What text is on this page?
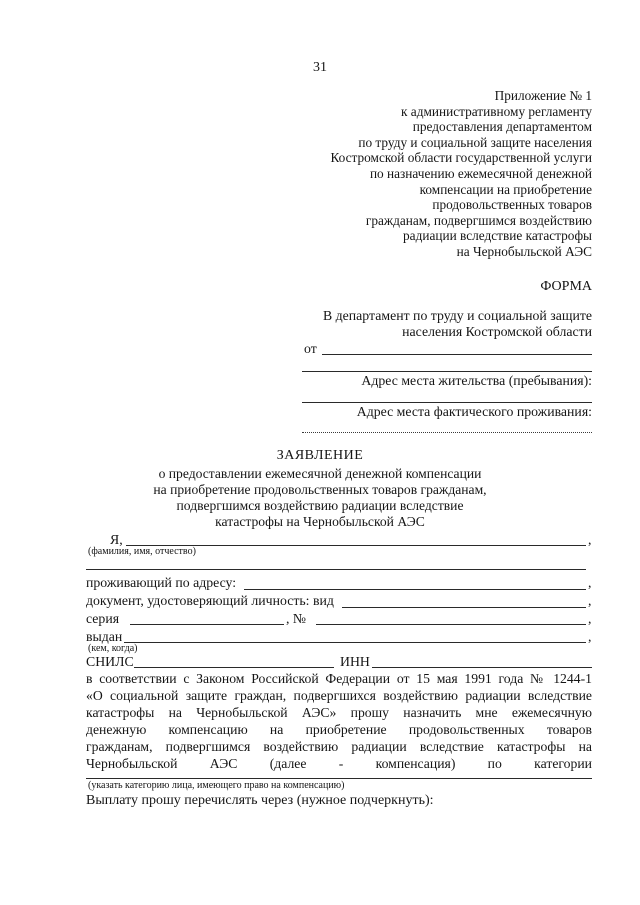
31
Приложение № 1
к административному регламенту
предоставления департаментом
по труду и социальной защите населения
Костромской области государственной услуги
по назначению ежемесячной денежной
компенсации на приобретение
продовольственных товаров
гражданам, подвергшимся воздействию
радиации вследствие катастрофы
на Чернобыльской АЭС
ФОРМА
В департамент по труду и социальной защите
населения Костромской области
от
Адрес места жительства (пребывания):
Адрес места фактического проживания:
ЗАЯВЛЕНИЕ
о предоставлении ежемесячной денежной компенсации
на приобретение продовольственных товаров гражданам,
подвергшимся воздействию радиации вследствие
катастрофы на Чернобыльской АЭС
Я,	,
(фамилия, имя, отчество)
проживающий по адресу:	,
документ, удостоверяющий личность: вид	,
серия	, №	,
выдан	,
(кем, когда)
СНИЛС	ИНН
в соответствии с Законом Российской Федерации от 15 мая 1991 года № 1244-1
«О социальной защите граждан, подвергшихся воздействию радиации вследствие
катастрофы на Чернобыльской АЭС» прошу назначить мне ежемесячную
денежную компенсацию на приобретение продовольственных товаров
гражданам, подвергшимся воздействию радиации вследствие катастрофы на
Чернобыльской АЭС (далее - компенсация) по категории
(указать категорию лица, имеющего право на компенсацию)
Выплату прошу перечислять через (нужное подчеркнуть):
